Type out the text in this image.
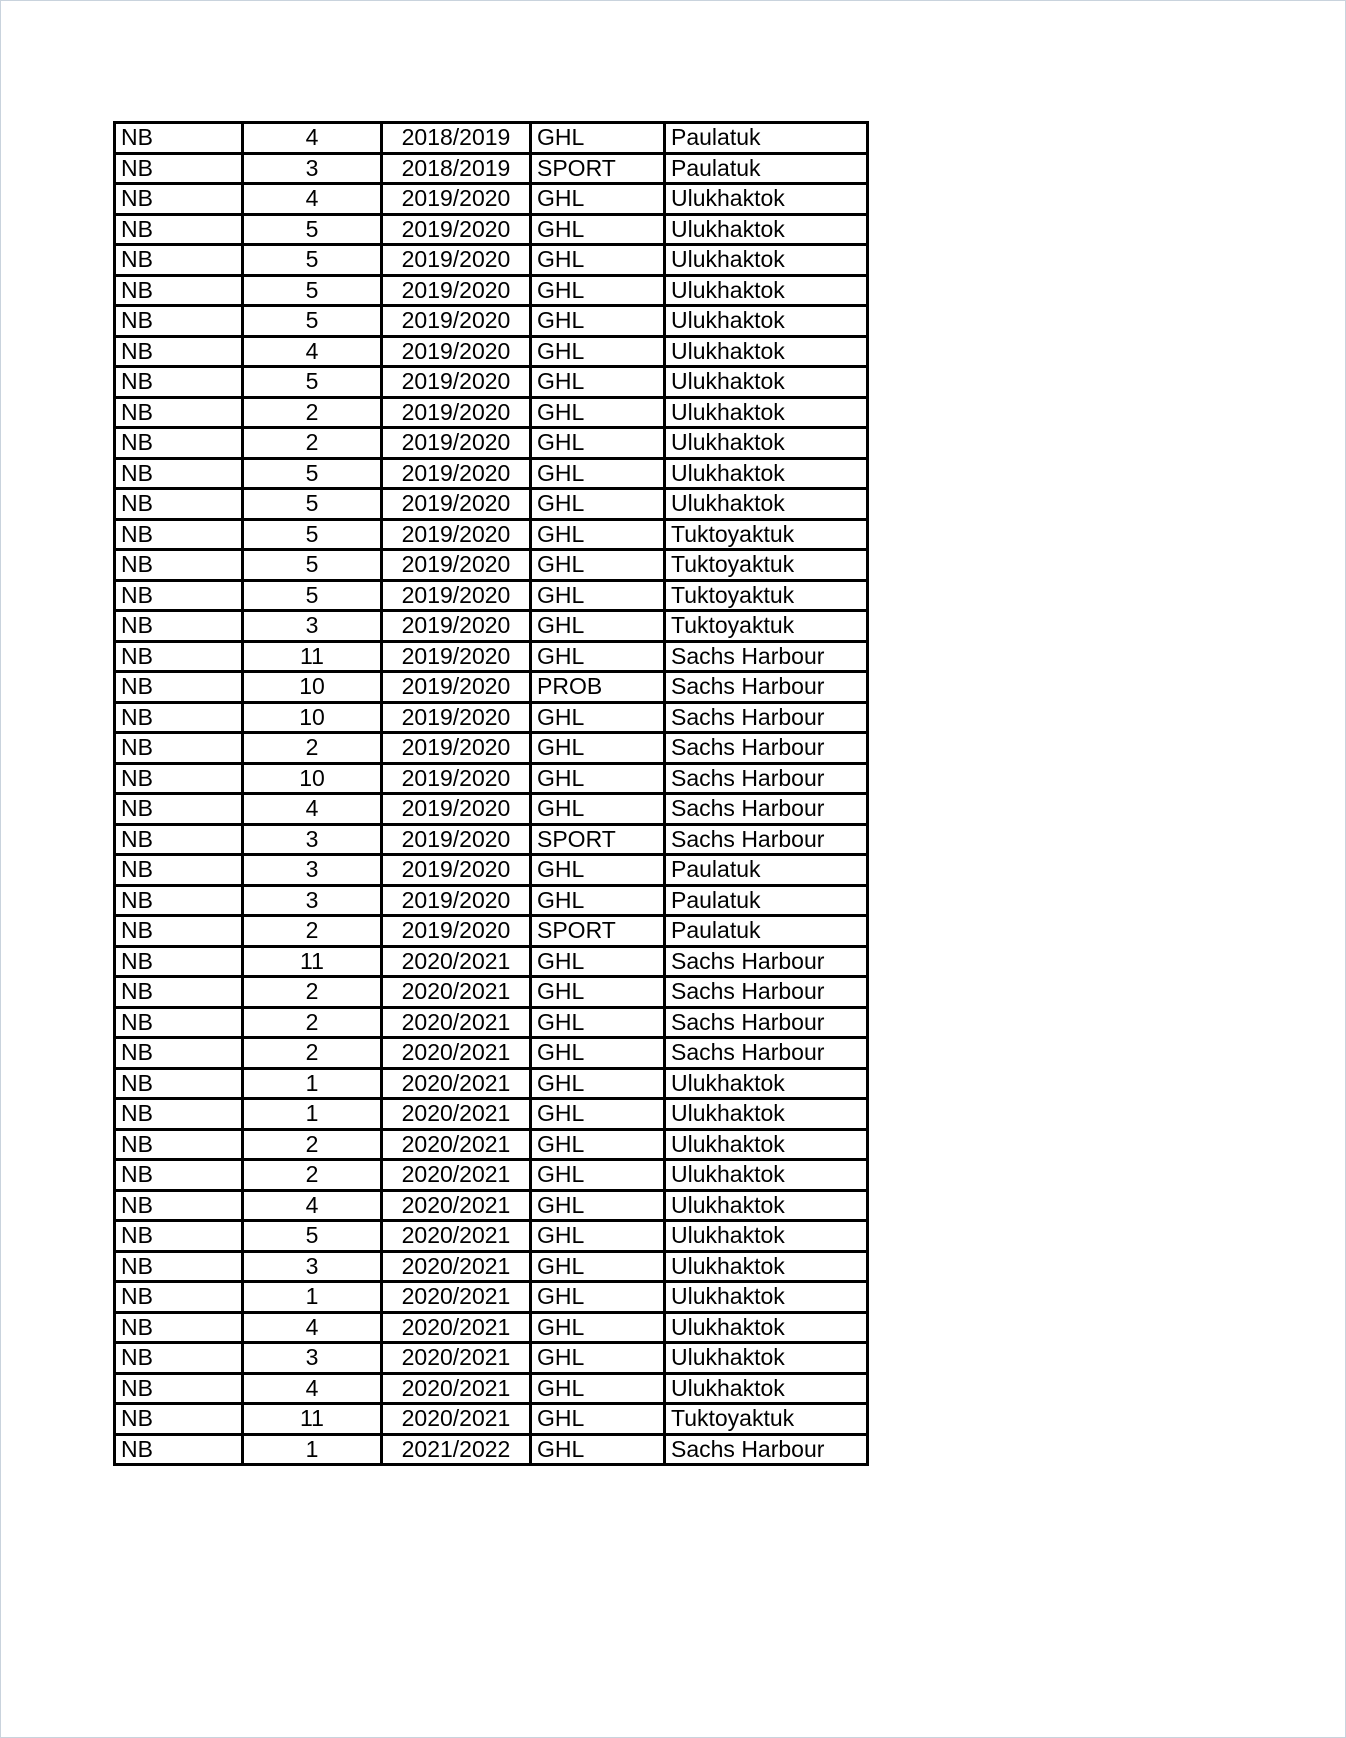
NB	4	2018/2019	GHL	Paulatuk
NB	3	2018/2019	SPORT	Paulatuk
NB	4	2019/2020	GHL	Ulukhaktok
NB	5	2019/2020	GHL	Ulukhaktok
NB	5	2019/2020	GHL	Ulukhaktok
NB	5	2019/2020	GHL	Ulukhaktok
NB	5	2019/2020	GHL	Ulukhaktok
NB	4	2019/2020	GHL	Ulukhaktok
NB	5	2019/2020	GHL	Ulukhaktok
NB	2	2019/2020	GHL	Ulukhaktok
NB	2	2019/2020	GHL	Ulukhaktok
NB	5	2019/2020	GHL	Ulukhaktok
NB	5	2019/2020	GHL	Ulukhaktok
NB	5	2019/2020	GHL	Tuktoyaktuk
NB	5	2019/2020	GHL	Tuktoyaktuk
NB	5	2019/2020	GHL	Tuktoyaktuk
NB	3	2019/2020	GHL	Tuktoyaktuk
NB	11	2019/2020	GHL	Sachs Harbour
NB	10	2019/2020	PROB	Sachs Harbour
NB	10	2019/2020	GHL	Sachs Harbour
NB	2	2019/2020	GHL	Sachs Harbour
NB	10	2019/2020	GHL	Sachs Harbour
NB	4	2019/2020	GHL	Sachs Harbour
NB	3	2019/2020	SPORT	Sachs Harbour
NB	3	2019/2020	GHL	Paulatuk
NB	3	2019/2020	GHL	Paulatuk
NB	2	2019/2020	SPORT	Paulatuk
NB	11	2020/2021	GHL	Sachs Harbour
NB	2	2020/2021	GHL	Sachs Harbour
NB	2	2020/2021	GHL	Sachs Harbour
NB	2	2020/2021	GHL	Sachs Harbour
NB	1	2020/2021	GHL	Ulukhaktok
NB	1	2020/2021	GHL	Ulukhaktok
NB	2	2020/2021	GHL	Ulukhaktok
NB	2	2020/2021	GHL	Ulukhaktok
NB	4	2020/2021	GHL	Ulukhaktok
NB	5	2020/2021	GHL	Ulukhaktok
NB	3	2020/2021	GHL	Ulukhaktok
NB	1	2020/2021	GHL	Ulukhaktok
NB	4	2020/2021	GHL	Ulukhaktok
NB	3	2020/2021	GHL	Ulukhaktok
NB	4	2020/2021	GHL	Ulukhaktok
NB	11	2020/2021	GHL	Tuktoyaktuk
NB	1	2021/2022	GHL	Sachs Harbour
